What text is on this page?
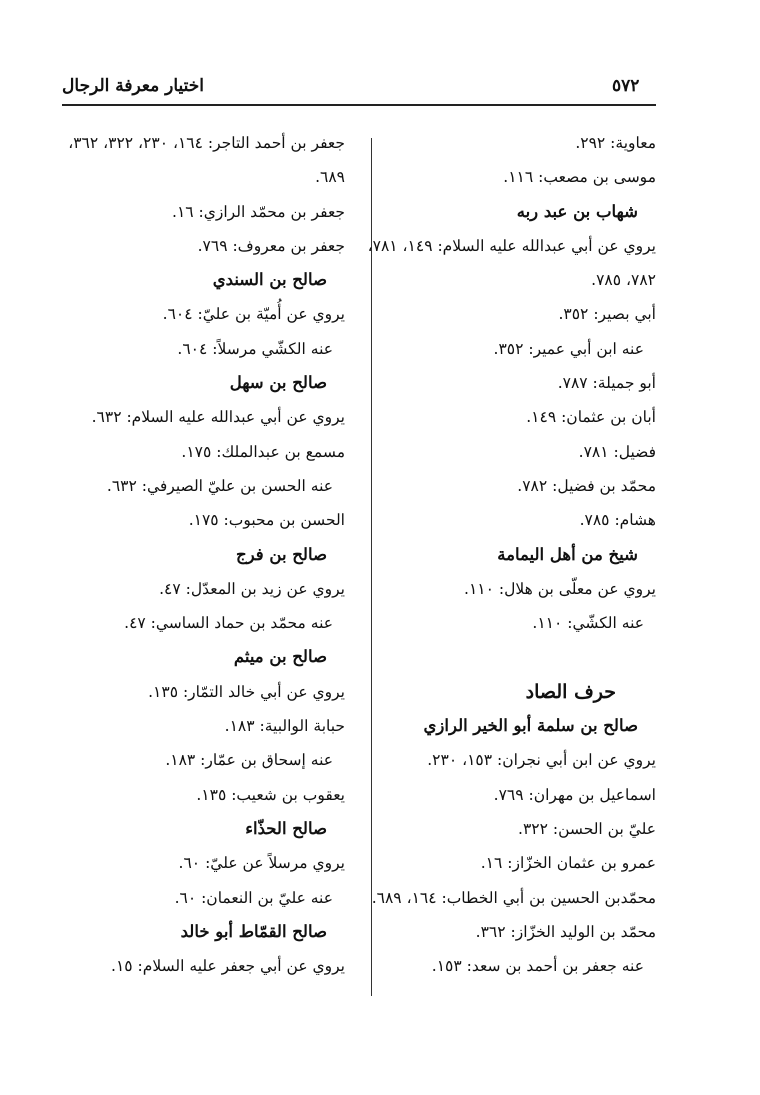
٥٧٢
اختيار معرفة الرجال
معاوية: ٢٩٢.
موسى بن مصعب: ١١٦.
شهاب بن عبد ربه
يروي عن أبي عبدالله عليه السلام: ١٤٩، ٧٨١،
٧٨٢، ٧٨٥.
أبي بصير: ٣٥٢.
عنه ابن أبي عمير: ٣٥٢.
أبو جميلة: ٧٨٧.
أبان بن عثمان: ١٤٩.
فضيل: ٧٨١.
محمّد بن فضيل: ٧٨٢.
هشام: ٧٨٥.
شيخ من أهل اليمامة
يروي عن معلّى بن هلال: ١١٠.
عنه الكشّي: ١١٠.
حرف الصاد
صالح بن سلمة أبو الخير الرازي
يروي عن ابن أبي نجران: ١٥٣، ٢٣٠.
اسماعيل بن مهران: ٧٦٩.
عليّ بن الحسن: ٣٢٢.
عمرو بن عثمان الخزّاز: ١٦.
محمّدبن الحسين بن أبي الخطاب: ١٦٤، ٦٨٩.
محمّد بن الوليد الخزّاز: ٣٦٢.
عنه جعفر بن أحمد بن سعد: ١٥٣.
جعفر بن أحمد التاجر: ١٦٤، ٢٣٠، ٣٢٢، ٣٦٢،
٦٨٩.
جعفر بن محمّد الرازي: ١٦.
جعفر بن معروف: ٧٦٩.
صالح بن السندي
يروي عن أُميّة بن عليّ: ٦٠٤.
عنه الكشّي مرسلاً: ٦٠٤.
صالح بن سهل
يروي عن أبي عبدالله عليه السلام: ٦٣٢.
مسمع بن عبدالملك: ١٧٥.
عنه الحسن بن عليّ الصيرفي: ٦٣٢.
الحسن بن محبوب: ١٧٥.
صالح بن فرج
يروي عن زيد بن المعدّل: ٤٧.
عنه محمّد بن حماد الساسي: ٤٧.
صالح بن ميثم
يروي عن أبي خالد التمّار: ١٣٥.
حبابة الوالبية: ١٨٣.
عنه إسحاق بن عمّار: ١٨٣.
يعقوب بن شعيب: ١٣٥.
صالح الحذّاء
يروي مرسلاً عن عليّ: ٦٠.
عنه عليّ بن النعمان: ٦٠.
صالح القمّاط أبو خالد
يروي عن أبي جعفر عليه السلام: ١٥.
